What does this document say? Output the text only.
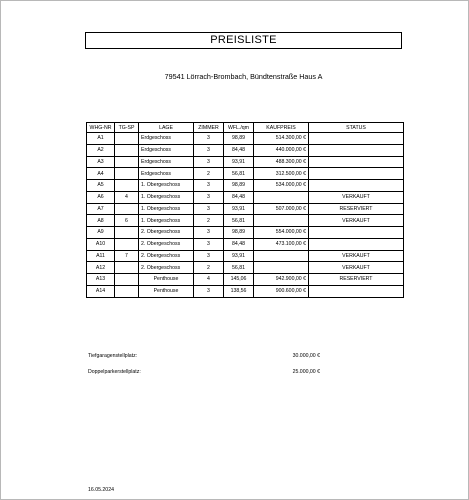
PREISLISTE
79541 Lörrach-Brombach, Bündtenstraße Haus A
WHG-NR	TG-SP	LAGE	ZIMMER	WFL./qm	KAUFPREIS	STATUS
A1		Erdgeschoss	3	98,89	514.300,00 €	
A2		Erdgeschoss	3	84,48	440.000,00 €	
A3		Erdgeschoss	3	93,91	488.300,00 €	
A4		Erdgeschoss	2	56,81	312.500,00 €	
A5		1. Obergeschoss	3	98,89	534.000,00 €	
A6	4	1. Obergeschoss	3	84,48		VERKAUFT
A7		1. Obergeschoss	3	93,91	507.000,00 €	RESERVIERT
A8	6	1. Obergeschoss	2	56,81		VERKAUFT
A9		2. Obergeschoss	3	98,89	554.000,00 €	
A10		2. Obergeschoss	3	84,48	473.100,00 €	
A11	7	2. Obergeschoss	3	93,91		VERKAUFT
A12		2. Obergeschoss	2	56,81		VERKAUFT
A13		Penthouse	4	145,06	942.900,00 €	RESERVIERT
A14		Penthouse	3	138,56	900.600,00 €	
Tiefgaragenstellplatz:	30.000,00 €
Doppelparkerstellplatz:	25.000,00 €
16.05.2024
